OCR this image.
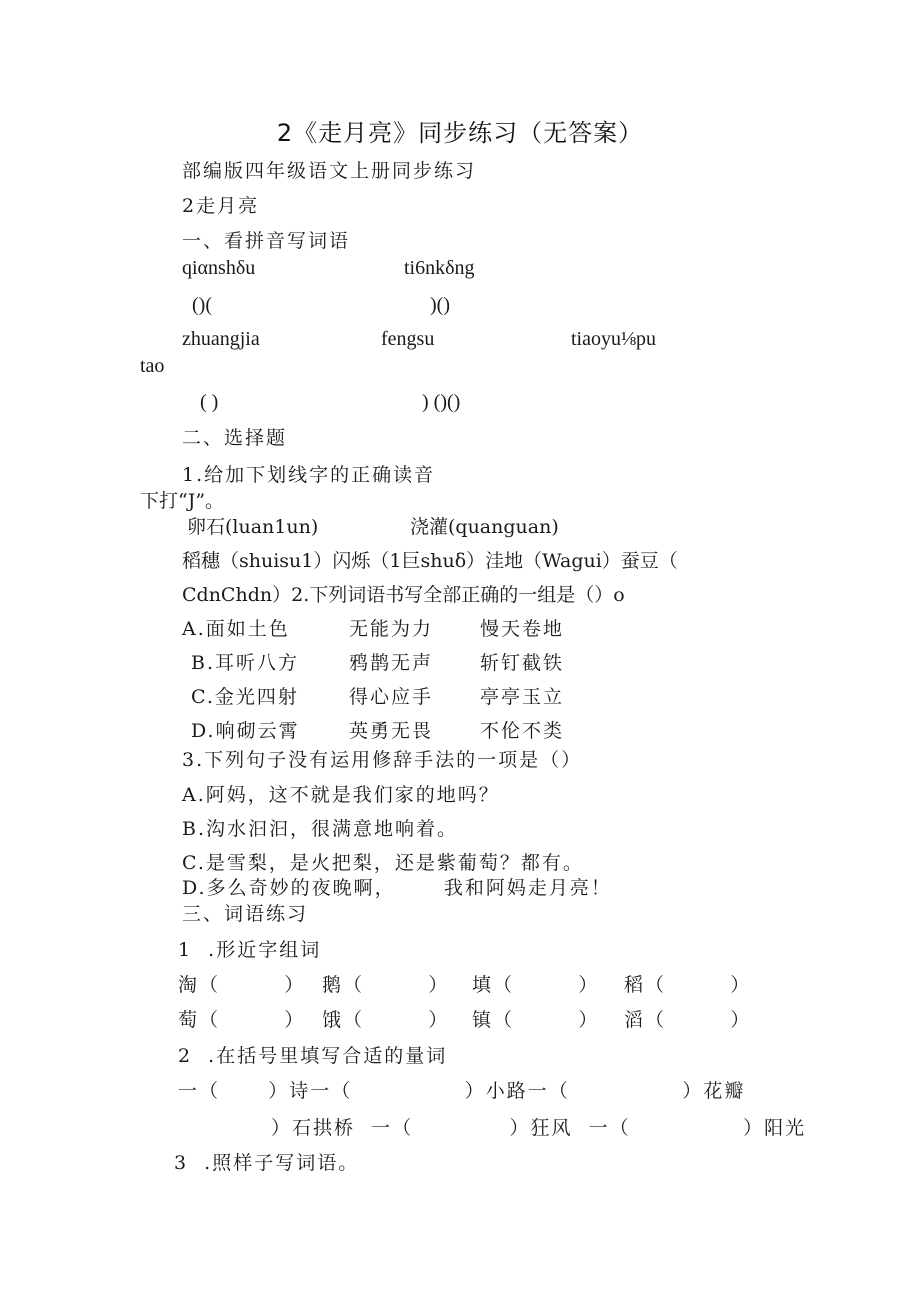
2《走月亮》同步练习（无答案）
部编版四年级语文上册同步练习
2走月亮
一、看拼音写词语
qiαnshδu	ti6nkδng
()(	)()
zhuangjia	fengsu	tiaoyu⅛pu
tao
( )	) ()()
二、选择题
1.给加下划线字的正确读音
下打“J”。
卵石(luan1un)	浇灌(quanguan)
稻穗（shuisu1）闪烁（1巨shuδ）洼地（Wagui）蚕豆（
CdnChdn）2.下列词语书写全部正确的一组是（）o
A.面如土色	无能为力 慢天卷地
B.耳听八方	鸦鹊无声 斩钉截铁
C.金光四射	得心应手 亭亭玉立
D.响砌云霄	英勇无畏 不伦不类
3.下列句子没有运用修辞手法的一项是（）
A.阿妈，这不就是我们家的地吗？
B.沟水汩汩，很满意地响着。
C.是雪梨，是火把梨，还是紫葡萄？都有。
D.多么奇妙的夜晚啊，      我和阿妈走月亮！
三、词语练习
1  .形近字组词
淘（        ） 鹅（        ） 填（        ） 稻（        ）
萄（        ） 饿（        ） 镇（        ） 滔（        ）
2  .在括号里填写合适的量词
一（      ）诗一（              ）小路一（              ）花瓣
）石拱桥  一（            ）狂风  一（              ）阳光
3  .照样子写词语。
